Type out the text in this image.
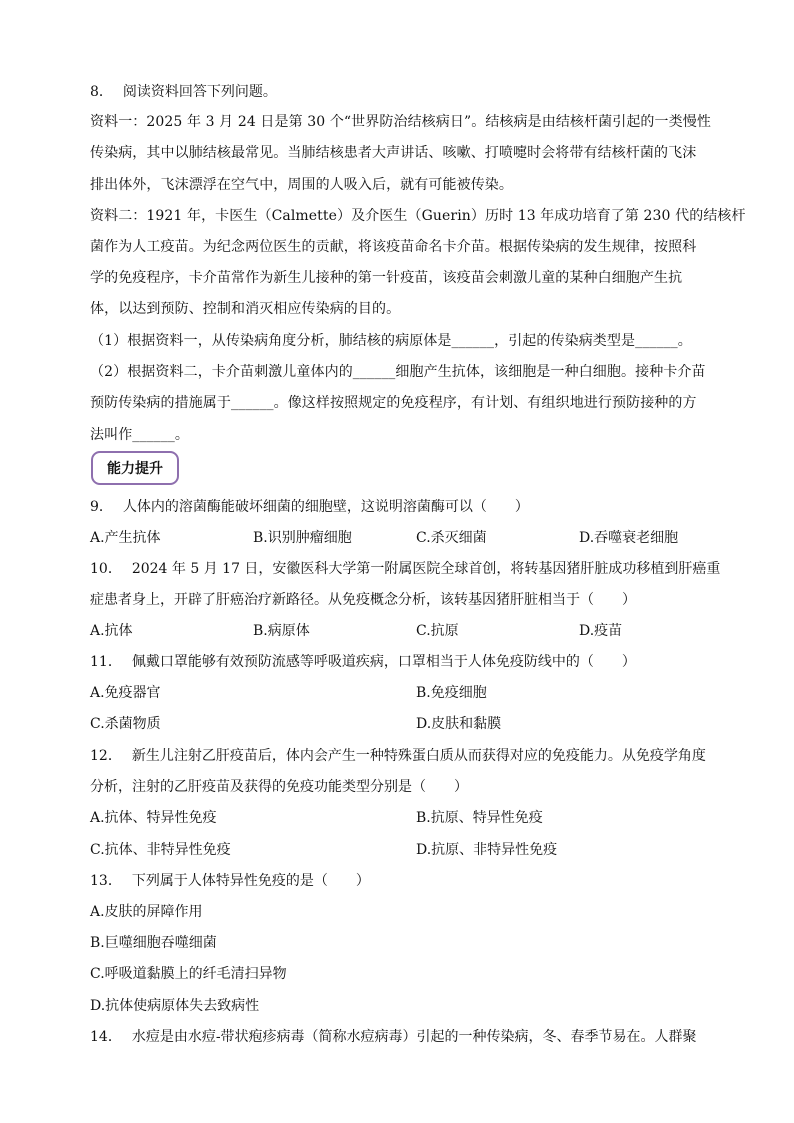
8． 阅读资料回答下列问题。
资料一：2025 年 3 月 24 日是第 30 个“世界防治结核病日”。结核病是由结核杆菌引起的一类慢性
传染病，其中以肺结核最常见。当肺结核患者大声讲话、咳嗽、打喷嚏时会将带有结核杆菌的飞沫
排出体外，飞沫漂浮在空气中，周围的人吸入后，就有可能被传染。
资料二：1921 年，卡医生（Calmette）及介医生（Guerin）历时 13 年成功培育了第 230 代的结核杆
菌作为人工疫苗。为纪念两位医生的贡献，将该疫苗命名卡介苗。根据传染病的发生规律，按照科
学的免疫程序，卡介苗常作为新生儿接种的第一针疫苗，该疫苗会刺激儿童的某种白细胞产生抗
体，以达到预防、控制和消灭相应传染病的目的。
（1）根据资料一，从传染病角度分析，肺结核的病原体是______，引起的传染病类型是______。
（2）根据资料二，卡介苗刺激儿童体内的______细胞产生抗体，该细胞是一种白细胞。接种卡介苗
预防传染病的措施属于______。像这样按照规定的免疫程序，有计划、有组织地进行预防接种的方
法叫作______。
能力提升
9． 人体内的溶菌酶能破坏细菌的细胞壁，这说明溶菌酶可以（　　）
A.产生抗体	B.识别肿瘤细胞	C.杀灭细菌	D.吞噬衰老细胞
10． 2024 年 5 月 17 日，安徽医科大学第一附属医院全球首创，将转基因猪肝脏成功移植到肝癌重
症患者身上，开辟了肝癌治疗新路径。从免疫概念分析，该转基因猪肝脏相当于（　　）
A.抗体	B.病原体	C.抗原	D.疫苗
11． 佩戴口罩能够有效预防流感等呼吸道疾病，口罩相当于人体免疫防线中的（　　）
A.免疫器官	B.免疫细胞
C.杀菌物质	D.皮肤和黏膜
12． 新生儿注射乙肝疫苗后，体内会产生一种特殊蛋白质从而获得对应的免疫能力。从免疫学角度
分析，注射的乙肝疫苗及获得的免疫功能类型分别是（　　）
A.抗体、特异性免疫	B.抗原、特异性免疫
C.抗体、非特异性免疫	D.抗原、非特异性免疫
13． 下列属于人体特异性免疫的是（　　）
A.皮肤的屏障作用
B.巨噬细胞吞噬细菌
C.呼吸道黏膜上的纤毛清扫异物
D.抗体使病原体失去致病性
14． 水痘是由水痘-带状疱疹病毒（简称水痘病毒）引起的一种传染病，冬、春季节易在。人群聚
